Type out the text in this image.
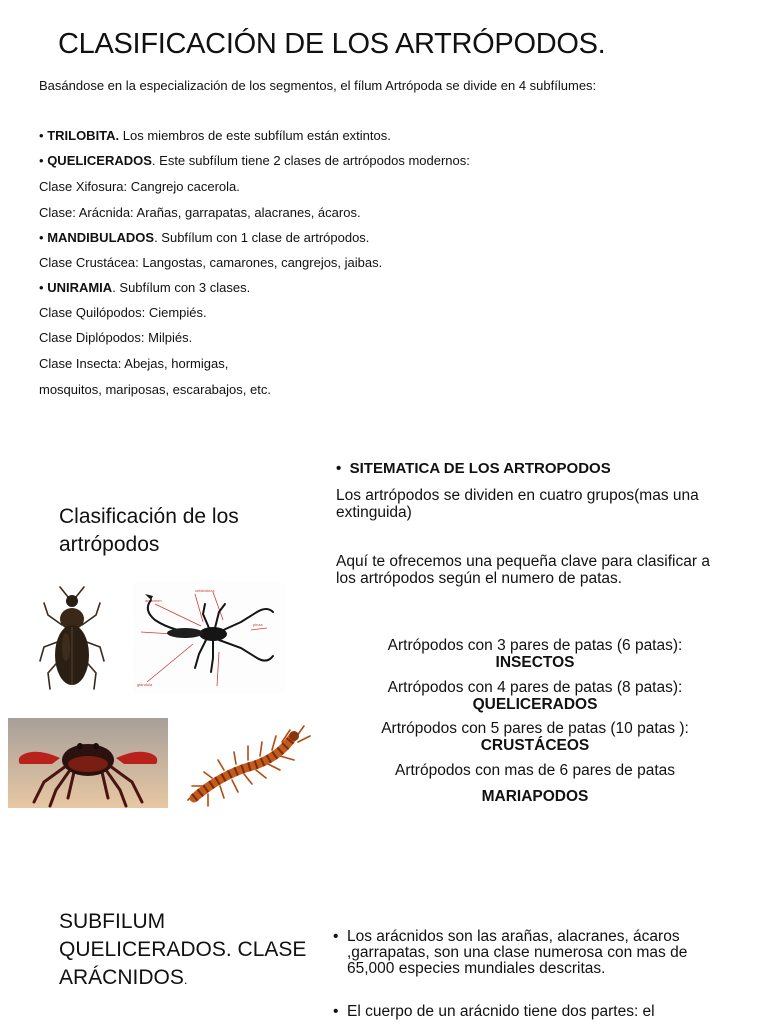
CLASIFICACIÓN DE LOS ARTRÓPODOS.
Basándose en la especialización de los segmentos, el fílum Artrópoda se divide en 4 subfílumes:
• TRILOBITA. Los miembros de este subfílum están extintos.
• QUELICERADOS. Este subfílum tiene 2 clases de artrópodos modernos:
Clase Xifosura: Cangrejo cacerola.
Clase: Arácnida: Arañas, garrapatas, alacranes, ácaros.
• MANDIBULADOS. Subfílum con 1 clase de artrópodos.
Clase Crustácea: Langostas, camarones, cangrejos, jaibas.
• UNIRAMIA. Subfílum con 3 clases.
Clase Quilópodos: Ciempiés.
Clase Diplópodos: Milpiés.
Clase Insecta: Abejas, hormigas,
mosquitos, mariposas, escarabajos, etc.
Clasificación de los artrópodos
• SITEMATICA DE LOS ARTROPODOS
Los artrópodos se dividen en cuatro grupos(mas una extinguida)
Aquí te ofrecemos una pequeña clave para clasificar a los artrópodos según el numero de patas.
Artrópodos con 3 pares de patas (6 patas):
INSECTOS
Artrópodos con 4 pares de patas (8 patas):
QUELICERADOS
Artrópodos con 5 pares de patas (10 patas ):
CRUSTÁCEOS
Artrópodos con mas de 6 pares de patas
MARIAPODOS
abdomen
cefalotórax
pinza
glándula
SUBFILUM QUELICERADOS. CLASE ARÁCNIDOS.
• Los arácnidos son las arañas, alacranes, ácaros ,garrapatas, son una clase numerosa con mas de 65,000 especies mundiales descritas.
• El cuerpo de un arácnido tiene dos partes: el
